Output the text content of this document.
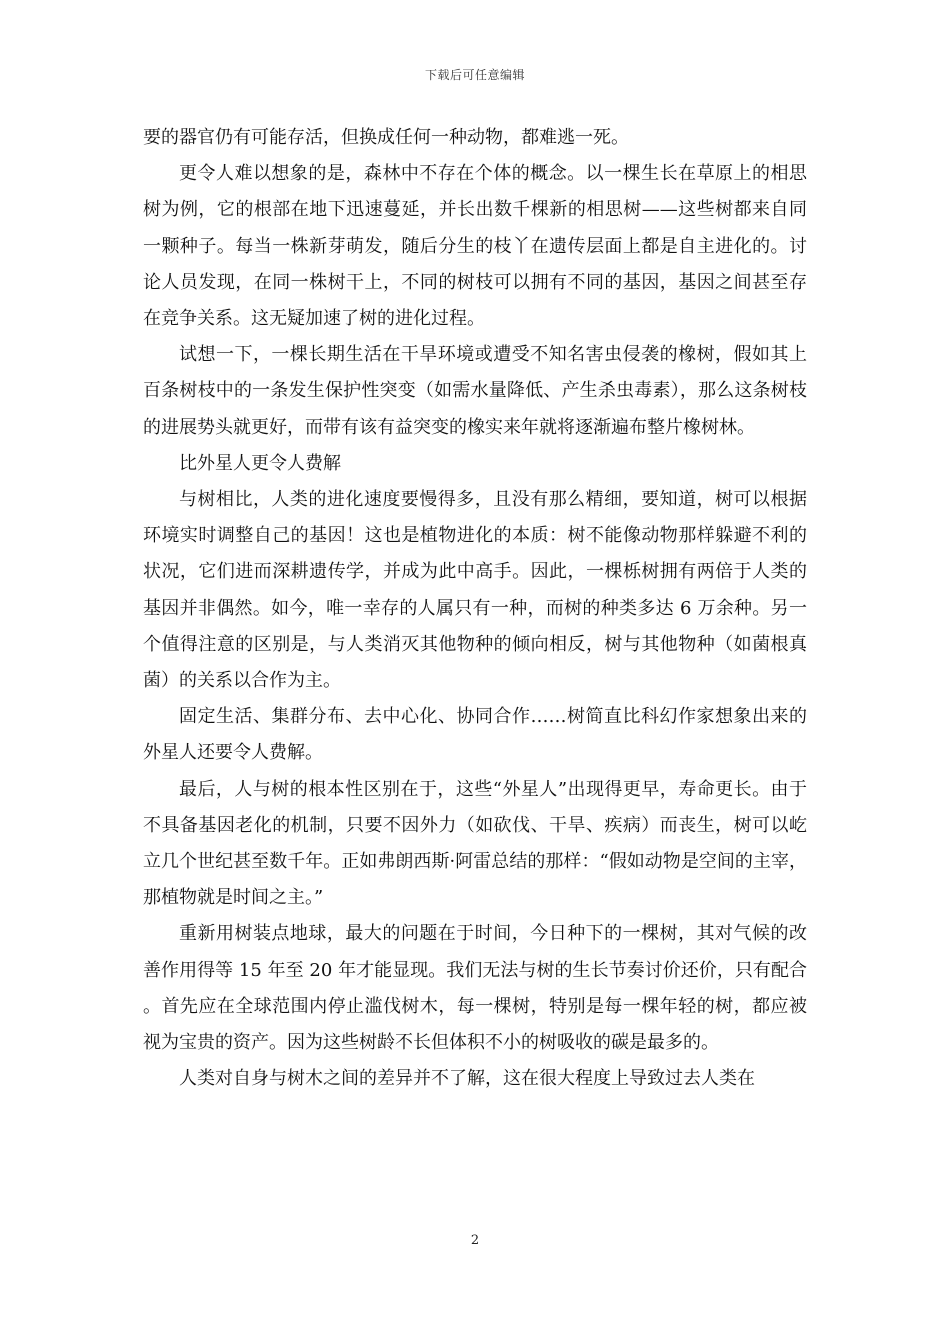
下载后可任意编辑

要的器官仍有可能存活，但换成任何一种动物，都难逃一死。

更令人难以想象的是，森林中不存在个体的概念。以一棵生长在草原上的相思树为例，它的根部在地下迅速蔓延，并长出数千棵新的相思树——这些树都来自同一颗种子。每当一株新芽萌发，随后分生的枝丫在遗传层面上都是自主进化的。讨论人员发现，在同一株树干上，不同的树枝可以拥有不同的基因，基因之间甚至存在竞争关系。这无疑加速了树的进化过程。

试想一下，一棵长期生活在干旱环境或遭受不知名害虫侵袭的橡树，假如其上百条树枝中的一条发生保护性突变（如需水量降低、产生杀虫毒素），那么这条树枝的进展势头就更好，而带有该有益突变的橡实来年就将逐渐遍布整片橡树林。

比外星人更令人费解

与树相比，人类的进化速度要慢得多，且没有那么精细，要知道，树可以根据环境实时调整自己的基因！这也是植物进化的本质：树不能像动物那样躲避不利的状况，它们进而深耕遗传学，并成为此中高手。因此，一棵栎树拥有两倍于人类的基因并非偶然。如今，唯一幸存的人属只有一种，而树的种类多达 6 万余种。另一个值得注意的区别是，与人类消灭其他物种的倾向相反，树与其他物种（如菌根真菌）的关系以合作为主。

固定生活、集群分布、去中心化、协同合作……树简直比科幻作家想象出来的外星人还要令人费解。

最后，人与树的根本性区别在于，这些“外星人”出现得更早，寿命更长。由于不具备基因老化的机制，只要不因外力（如砍伐、干旱、疾病）而丧生，树可以屹立几个世纪甚至数千年。正如弗朗西斯·阿雷总结的那样：“假如动物是空间的主宰，那植物就是时间之主。”

重新用树装点地球，最大的问题在于时间，今日种下的一棵树，其对气候的改善作用得等 15 年至 20 年才能显现。我们无法与树的生长节奏讨价还价，只有配合。首先应在全球范围内停止滥伐树木，每一棵树，特别是每一棵年轻的树，都应被视为宝贵的资产。因为这些树龄不长但体积不小的树吸收的碳是最多的。

人类对自身与树木之间的差异并不了解，这在很大程度上导致过去人类在

2
